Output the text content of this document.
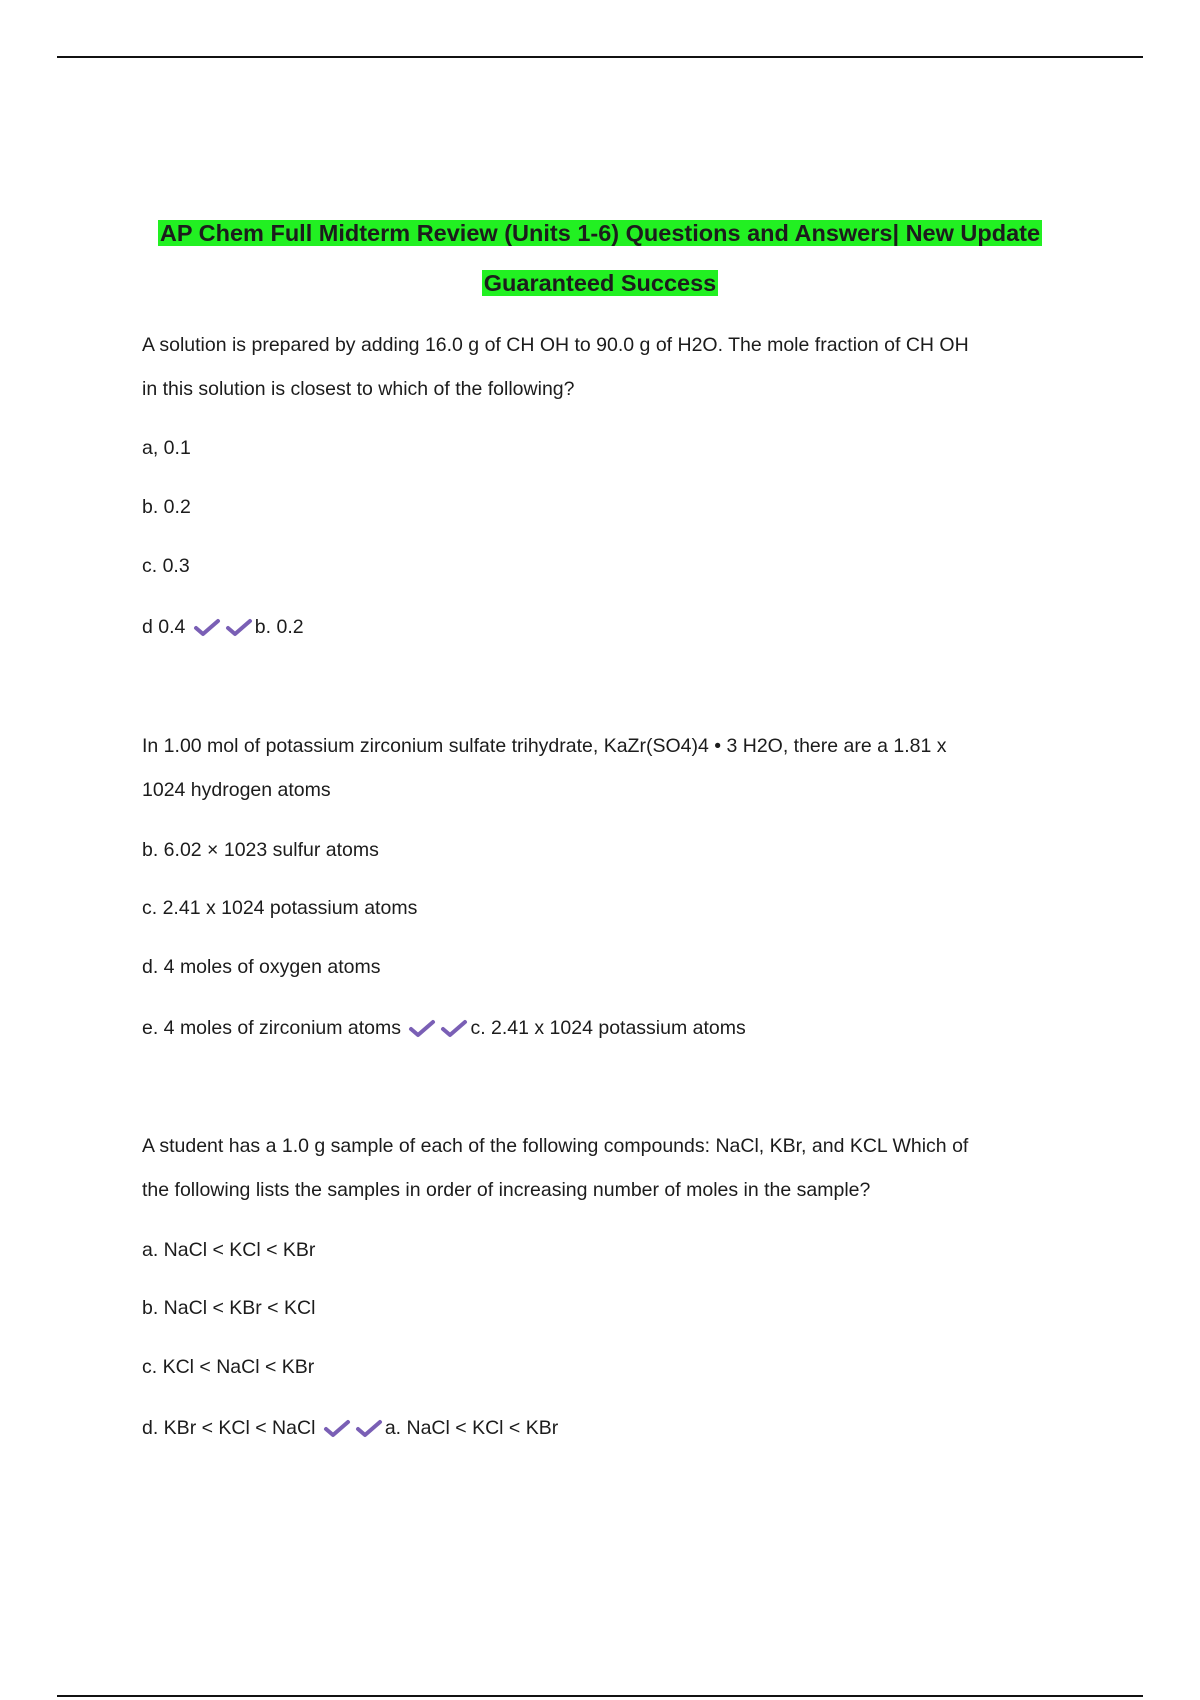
AP Chem Full Midterm Review (Units 1-6) Questions and Answers| New Update
Guaranteed Success
A solution is prepared by adding 16.0 g of CH OH to 90.0 g of H2O. The mole fraction of CH OH
in this solution is closest to which of the following?
a, 0.1
b. 0.2
c. 0.3
d 0.4	b. 0.2
In 1.00 mol of potassium zirconium sulfate trihydrate, KaZr(SO4)4 • 3 H2O, there are a 1.81 x
1024 hydrogen atoms
b. 6.02 × 1023 sulfur atoms
c. 2.41 x 1024 potassium atoms
d. 4 moles of oxygen atoms
e. 4 moles of zirconium atoms	c. 2.41 x 1024 potassium atoms
A student has a 1.0 g sample of each of the following compounds: NaCl, KBr, and KCL Which of
the following lists the samples in order of increasing number of moles in the sample?
a. NaCl < KCl < KBr
b. NaCl < KBr < KCl
c. KCl < NaCl < KBr
d. KBr < KCl < NaCl	a. NaCl < KCl < KBr
